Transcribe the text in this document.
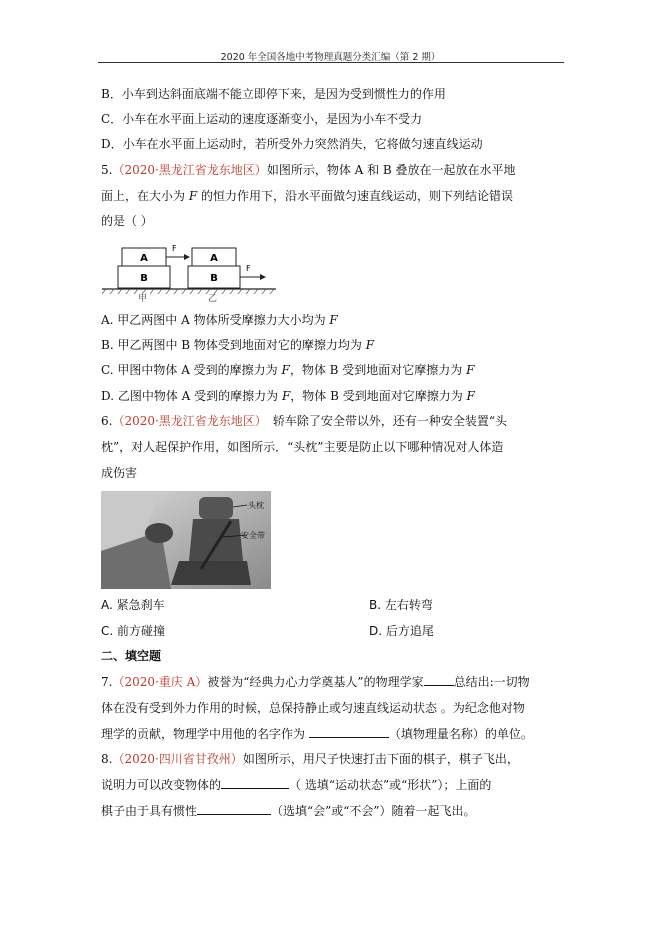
2020 年全国各地中考物理真题分类汇编（第 2 期）
B．小车到达斜面底端不能立即停下来，是因为受到惯性力的作用
C．小车在水平面上运动的速度逐渐变小，是因为小车不受力
D．小车在水平面上运动时，若所受外力突然消失，它将做匀速直线运动
5.（2020·黑龙江省龙东地区）如图所示，物体 A 和 B 叠放在一起放在水平地
面上，在大小为 F 的恒力作用下，沿水平面做匀速直线运动，则下列结论错误
的是（ ）
A
F
B
A
B
F
甲	乙
A. 甲乙两图中 A 物体所受摩擦力大小均为 F
B. 甲乙两图中 B 物体受到地面对它的摩擦力均为 F
C. 甲图中物体 A 受到的摩擦力为 F，物体 B 受到地面对它摩擦力为 F
D. 乙图中物体 A 受到的摩擦力为 F，物体 B 受到地面对它摩擦力为 F
6.（2020·黑龙江省龙东地区） 轿车除了安全带以外，还有一种安全装置“头
枕”，对人起保护作用，如图所示．“头枕”主要是防止以下哪种情况对人体造
成伤害
头枕
安全带
A. 紧急刹车	B. 左右转弯
C. 前方碰撞	D. 后方追尾
二、填空题
7.（2020·重庆 A）被誉为“经典力心力学奠基人”的物理学家	总结出:一切物
体在没有受到外力作用的时候，总保持静止或匀速直线运动状态 。为纪念他对物
理学的贡献，物理学中用他的名字作为	（填物理量名称）的单位。
8.（2020·四川省甘孜州）如图所示，用尺子快速打击下面的棋子，棋子飞出，
说明力可以改变物体的	（ 选填“运动状态”或“形状”）；上面的
棋子由于具有惯性	（选填“会”或“不会”）随着一起飞出。
